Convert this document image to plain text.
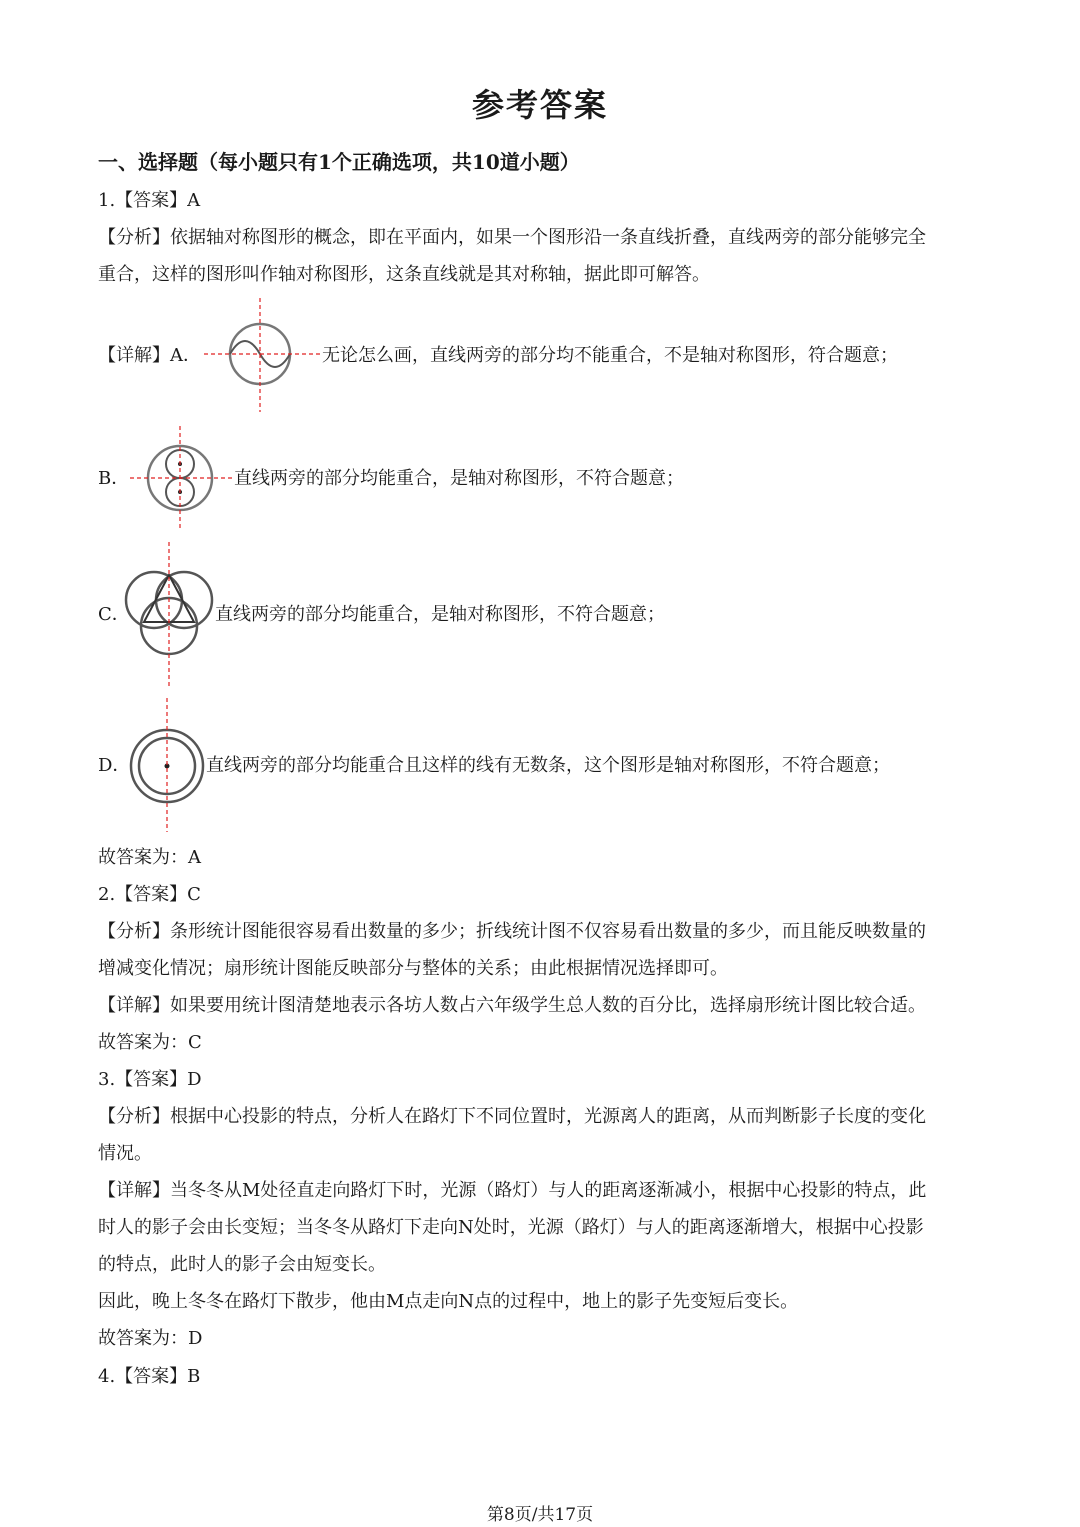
参考答案
一、选择题（每小题只有1个正确选项，共10道小题）
1.【答案】A
【分析】依据轴对称图形的概念，即在平面内，如果一个图形沿一条直线折叠，直线两旁的部分能够完全
重合，这样的图形叫作轴对称图形，这条直线就是其对称轴，据此即可解答。
【详解】A．	无论怎么画，直线两旁的部分均不能重合，不是轴对称图形，符合题意；
B．	直线两旁的部分均能重合，是轴对称图形，不符合题意；
C．	直线两旁的部分均能重合，是轴对称图形，不符合题意；
D．	直线两旁的部分均能重合且这样的线有无数条，这个图形是轴对称图形，不符合题意；
故答案为：A
2.【答案】C
【分析】条形统计图能很容易看出数量的多少；折线统计图不仅容易看出数量的多少，而且能反映数量的
增减变化情况；扇形统计图能反映部分与整体的关系；由此根据情况选择即可。
【详解】如果要用统计图清楚地表示各坊人数占六年级学生总人数的百分比，选择扇形统计图比较合适。
故答案为：C
3.【答案】D
【分析】根据中心投影的特点，分析人在路灯下不同位置时，光源离人的距离，从而判断影子长度的变化
情况。
【详解】当冬冬从M处径直走向路灯下时，光源（路灯）与人的距离逐渐减小，根据中心投影的特点，此
时人的影子会由长变短；当冬冬从路灯下走向N处时，光源（路灯）与人的距离逐渐增大，根据中心投影
的特点，此时人的影子会由短变长。
因此，晚上冬冬在路灯下散步，他由M点走向N点的过程中，地上的影子先变短后变长。
故答案为：D
4.【答案】B
第8页/共17页
